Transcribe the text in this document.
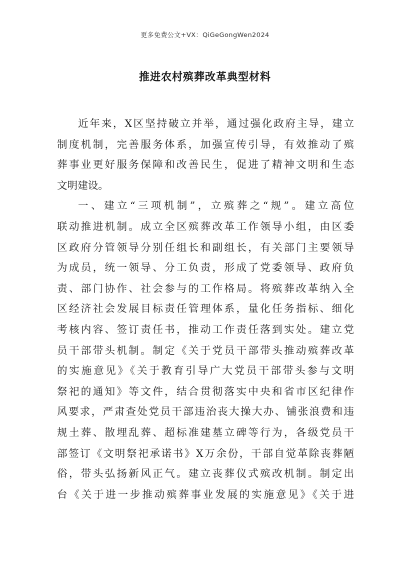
更多免费公文+VX：QiGeGongWen2024
推进农村殡葬改革典型材料
近年来，X区坚持破立并举，通过强化政府主导，建立
制度机制，完善服务体系，加强宣传引导，有效推动了殡
葬事业更好服务保障和改善民生，促进了精神文明和生态
文明建设。
一、建立“三项机制”，立殡葬之“规”。建立高位
联动推进机制。成立全区殡葬改革工作领导小组，由区委
区政府分管领导分别任组长和副组长，有关部门主要领导
为成员，统一领导、分工负责，形成了党委领导、政府负
责、部门协作、社会参与的工作格局。将殡葬改革纳入全
区经济社会发展目标责任管理体系，量化任务指标、细化
考核内容、签订责任书，推动工作责任落到实处。建立党
员干部带头机制。制定《关于党员干部带头推动殡葬改革
的实施意见》《关于教育引导广大党员干部带头参与文明
祭祀的通知》等文件，结合贯彻落实中央和省市区纪律作
风要求，严肃查处党员干部违治丧大操大办、铺张浪费和违
规土葬、散埋乱葬、超标准建墓立碑等行为，各级党员干
部签订《文明祭祀承诺书》X万余份，干部自觉革除丧葬陋
俗，带头弘扬新风正气。建立丧葬仪式殡改机制。制定出
台《关于进一步推动殡葬事业发展的实施意见》《关于进
